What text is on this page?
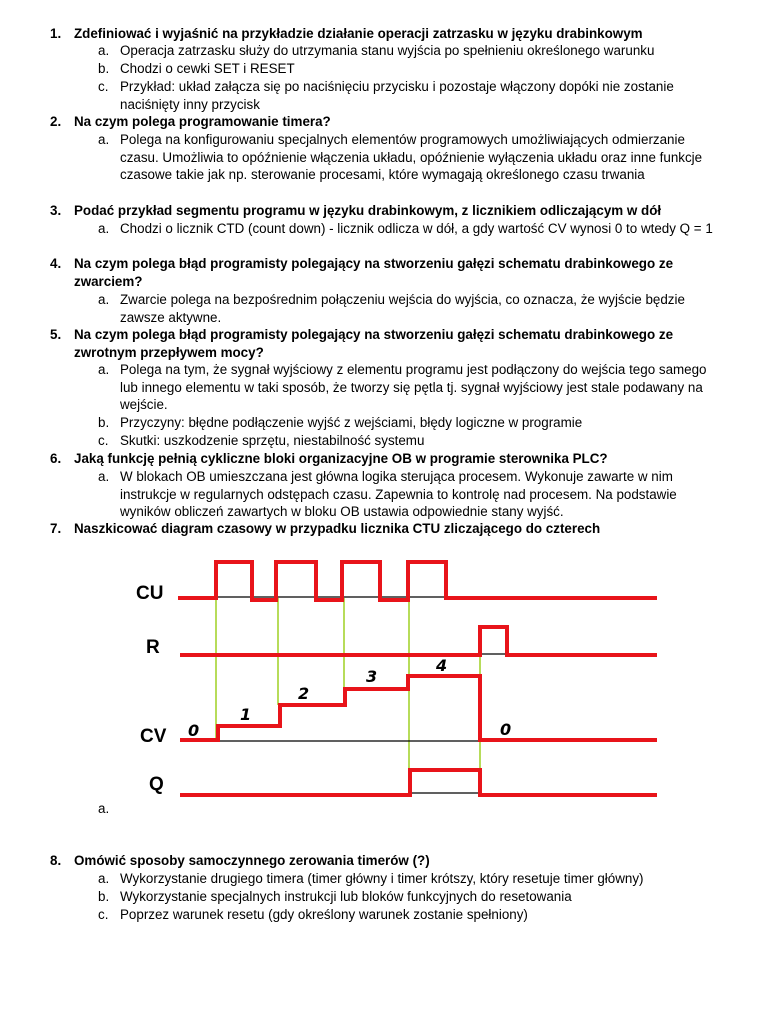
1. Zdefiniować i wyjaśnić na przykładzie działanie operacji zatrzasku w języku drabinkowym
a. Operacja zatrzasku służy do utrzymania stanu wyjścia po spełnieniu określonego warunku
b. Chodzi o cewki SET i RESET
c. Przykład: układ załącza się po naciśnięciu przycisku i pozostaje włączony dopóki nie zostanie naciśnięty inny przycisk
2. Na czym polega programowanie timera?
a. Polega na konfigurowaniu specjalnych elementów programowych umożliwiających odmierzanie czasu. Umożliwia to opóźnienie włączenia układu, opóźnienie wyłączenia układu oraz inne funkcje czasowe takie jak np. sterowanie procesami, które wymagają określonego czasu trwania
3. Podać przykład segmentu programu w języku drabinkowym, z licznikiem odliczającym w dół
a. Chodzi o licznik CTD (count down) - licznik odlicza w dół, a gdy wartość CV wynosi 0 to wtedy Q = 1
4. Na czym polega błąd programisty polegający na stworzeniu gałęzi schematu drabinkowego ze zwarciem?
a. Zwarcie polega na bezpośrednim połączeniu wejścia do wyjścia, co oznacza, że wyjście będzie zawsze aktywne.
5. Na czym polega błąd programisty polegający na stworzeniu gałęzi schematu drabinkowego ze zwrotnym przepływem mocy?
a. Polega na tym, że sygnał wyjściowy z elementu programu jest podłączony do wejścia tego samego lub innego elementu w taki sposób, że tworzy się pętla tj. sygnał wyjściowy jest stale podawany na wejście.
b. Przyczyny: błędne podłączenie wyjść z wejściami, błędy logiczne w programie
c. Skutki: uszkodzenie sprzętu, niestabilność systemu
6. Jaką funkcję pełnią cykliczne bloki organizacyjne OB w programie sterownika PLC?
a. W blokach OB umieszczana jest główna logika sterująca procesem. Wykonuje zawarte w nim instrukcje w regularnych odstępach czasu. Zapewnia to kontrolę nad procesem. Na podstawie wyników obliczeń zawartych w bloku OB ustawia odpowiednie stany wyjść.
7. Naszkicować diagram czasowy w przypadku licznika CTU zliczającego do czterech
CU
R
CV
Q
0
1
2
3
4
0
a.
8. Omówić sposoby samoczynnego zerowania timerów (?)
a. Wykorzystanie drugiego timera (timer główny i timer krótszy, który resetuje timer główny)
b. Wykorzystanie specjalnych instrukcji lub bloków funkcyjnych do resetowania
c. Poprzez warunek resetu (gdy określony warunek zostanie spełniony)
